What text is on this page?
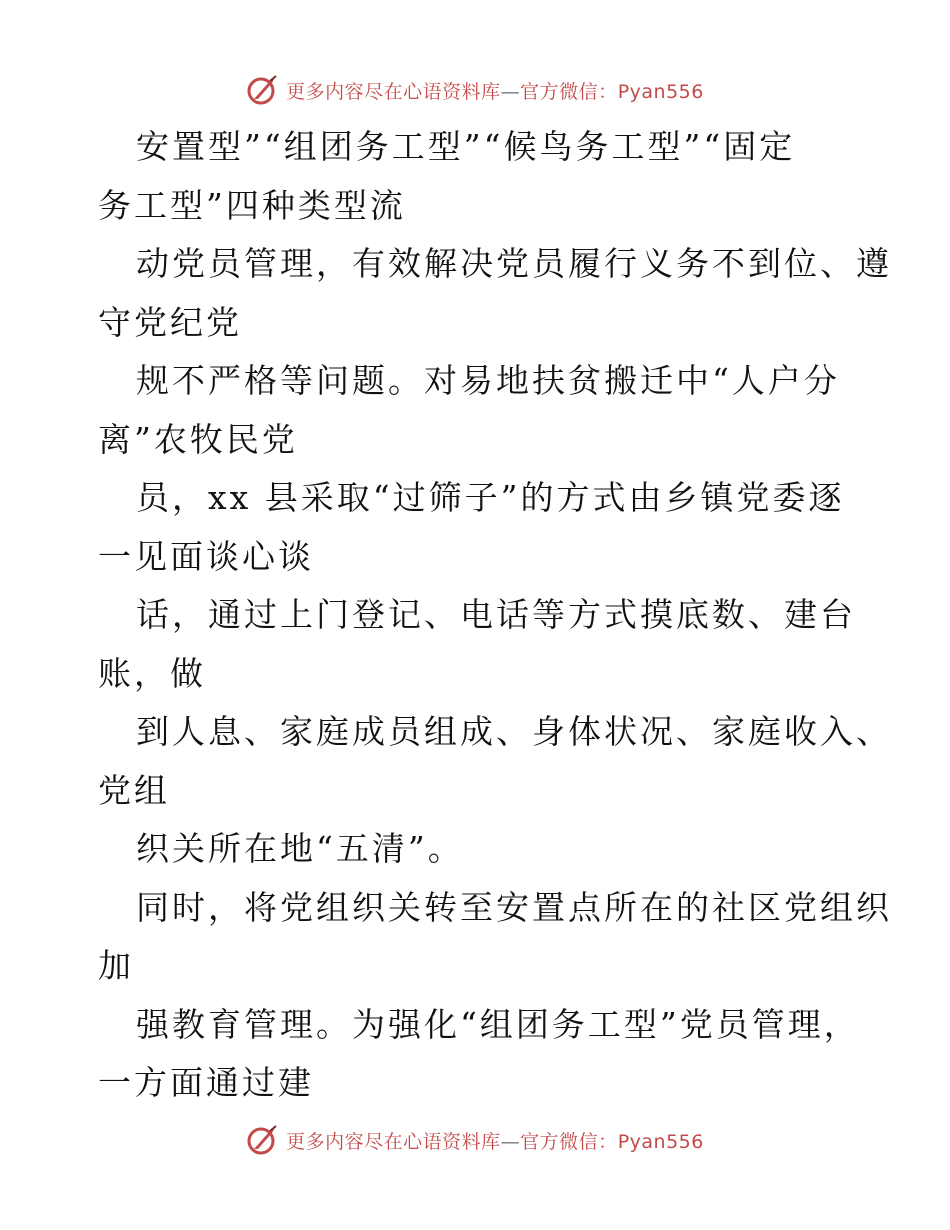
更多内容尽在心语资料库—官方微信：Pyan556
安置型”“组团务工型”“候鸟务工型”“固定
务工型”四种类型流
动党员管理，有效解决党员履行义务不到位、遵
守党纪党
规不严格等问题。对易地扶贫搬迁中“人户分
离”农牧民党
员，xx 县采取“过筛子”的方式由乡镇党委逐
一见面谈心谈
话，通过上门登记、电话等方式摸底数、建台
账，做
到人息、家庭成员组成、身体状况、家庭收入、
党组
织关所在地“五清”。
同时，将党组织关转至安置点所在的社区党组织
加
强教育管理。为强化“组团务工型”党员管理，
一方面通过建
更多内容尽在心语资料库—官方微信：Pyan556
